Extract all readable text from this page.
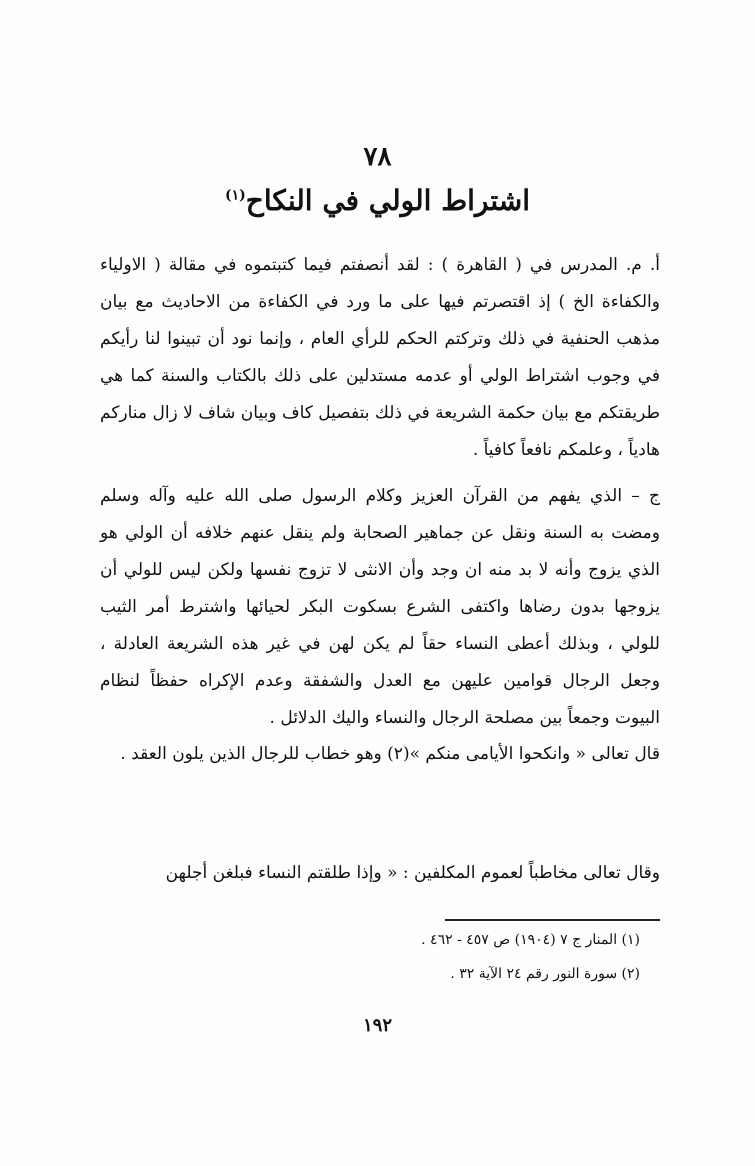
٧٨
اشتراط الولي في النكاح$^{(١)}$
أ. م. المدرس في ( القاهرة ) : لقد أنصفتم فيما كتبتموه في مقالة ( الاولياء والكفاءة الخ ) إذ اقتصرتم فيها على ما ورد في الكفاءة من الاحاديث مع بيان مذهب الحنفية في ذلك وتركتم الحكم للرأي العام ، وإنما نود أن تبينوا لنا رأيكم في وجوب اشتراط الولي أو عدمه مستدلين على ذلك بالكتاب والسنة كما هي طريقتكم مع بيان حكمة الشريعة في ذلك بتفصيل كاف وبيان شاف لا زال منارکم هادياً ، وعلمكم نافعاً كافياً .
ج – الذي يفهم من القرآن العزيز وكلام الرسول صلى الله عليه وآله وسلم ومضت به السنة ونقل عن جماهير الصحابة ولم ينقل عنهم خلافه أن الولي هو الذي يزوج وأنه لا بد منه ان وجد وأن الانثى لا تزوج نفسها ولكن ليس للولي أن يزوجها بدون رضاها واكتفى الشرع بسكوت البكر لحيائها واشترط أمر الثيب للولي ، وبذلك أعطى النساء حقاً لم يكن لهن في غير هذه الشريعة العادلة ، وجعل الرجال قوامين عليهن مع العدل والشفقة وعدم الإكراه حفظاً لنظام البيوت وجمعاً بين مصلحة الرجال والنساء واليك الدلائل .
قال تعالى « وانكحوا الأيامى منكم »(٢) وهو خطاب للرجال الذين يلون العقد .
وقال تعالى مخاطباً لعموم المكلفين : « وإذا طلقتم النساء فبلغن أجلهن
(١) المنار ج ٧ (١٩٠٤) ص ٤٥٧ - ٤٦٢ .
(٢) سورة النور رقم ٢٤ الآية ٣٢ .
١٩٢
